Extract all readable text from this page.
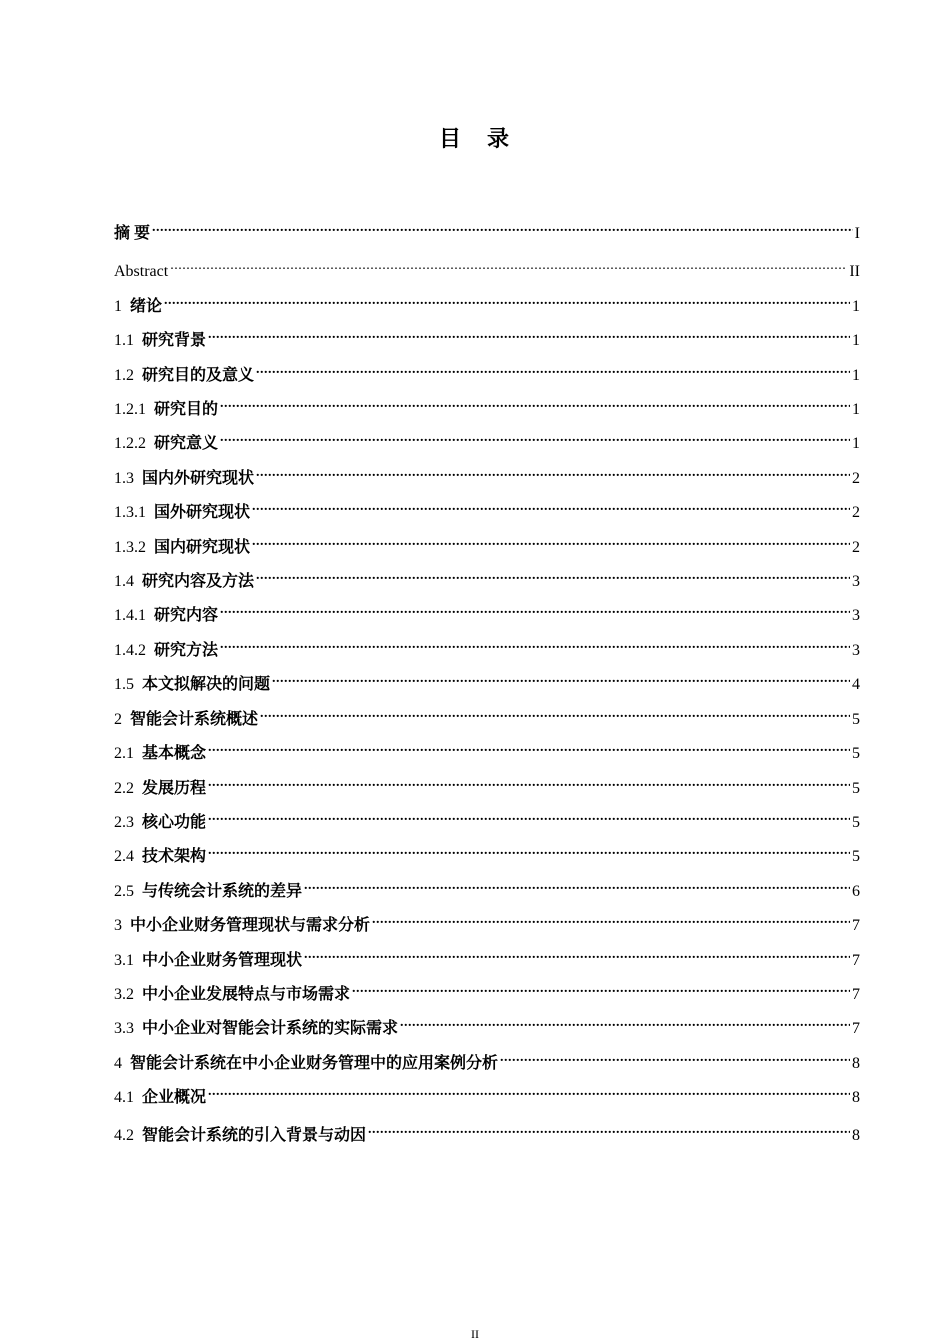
目　录
摘 要 .....	I
Abstract .....	II
1 绪论 .....	1
1.1 研究背景 .....	1
1.2 研究目的及意义 .....	1
1.2.1 研究目的 .....	1
1.2.2 研究意义 .....	1
1.3 国内外研究现状 .....	2
1.3.1 国外研究现状 .....	2
1.3.2 国内研究现状 .....	2
1.4 研究内容及方法 .....	3
1.4.1 研究内容 .....	3
1.4.2 研究方法 .....	3
1.5 本文拟解决的问题 .....	4
2 智能会计系统概述 .....	5
2.1 基本概念 .....	5
2.2 发展历程 .....	5
2.3 核心功能 .....	5
2.4 技术架构 .....	5
2.5 与传统会计系统的差异 .....	6
3 中小企业财务管理现状与需求分析 .....	7
3.1 中小企业财务管理现状 .....	7
3.2 中小企业发展特点与市场需求 .....	7
3.3 中小企业对智能会计系统的实际需求 .....	7
4 智能会计系统在中小企业财务管理中的应用案例分析 .....	8
4.1 企业概况 .....	8
4.2 智能会计系统的引入背景与动因 .....	8
II
